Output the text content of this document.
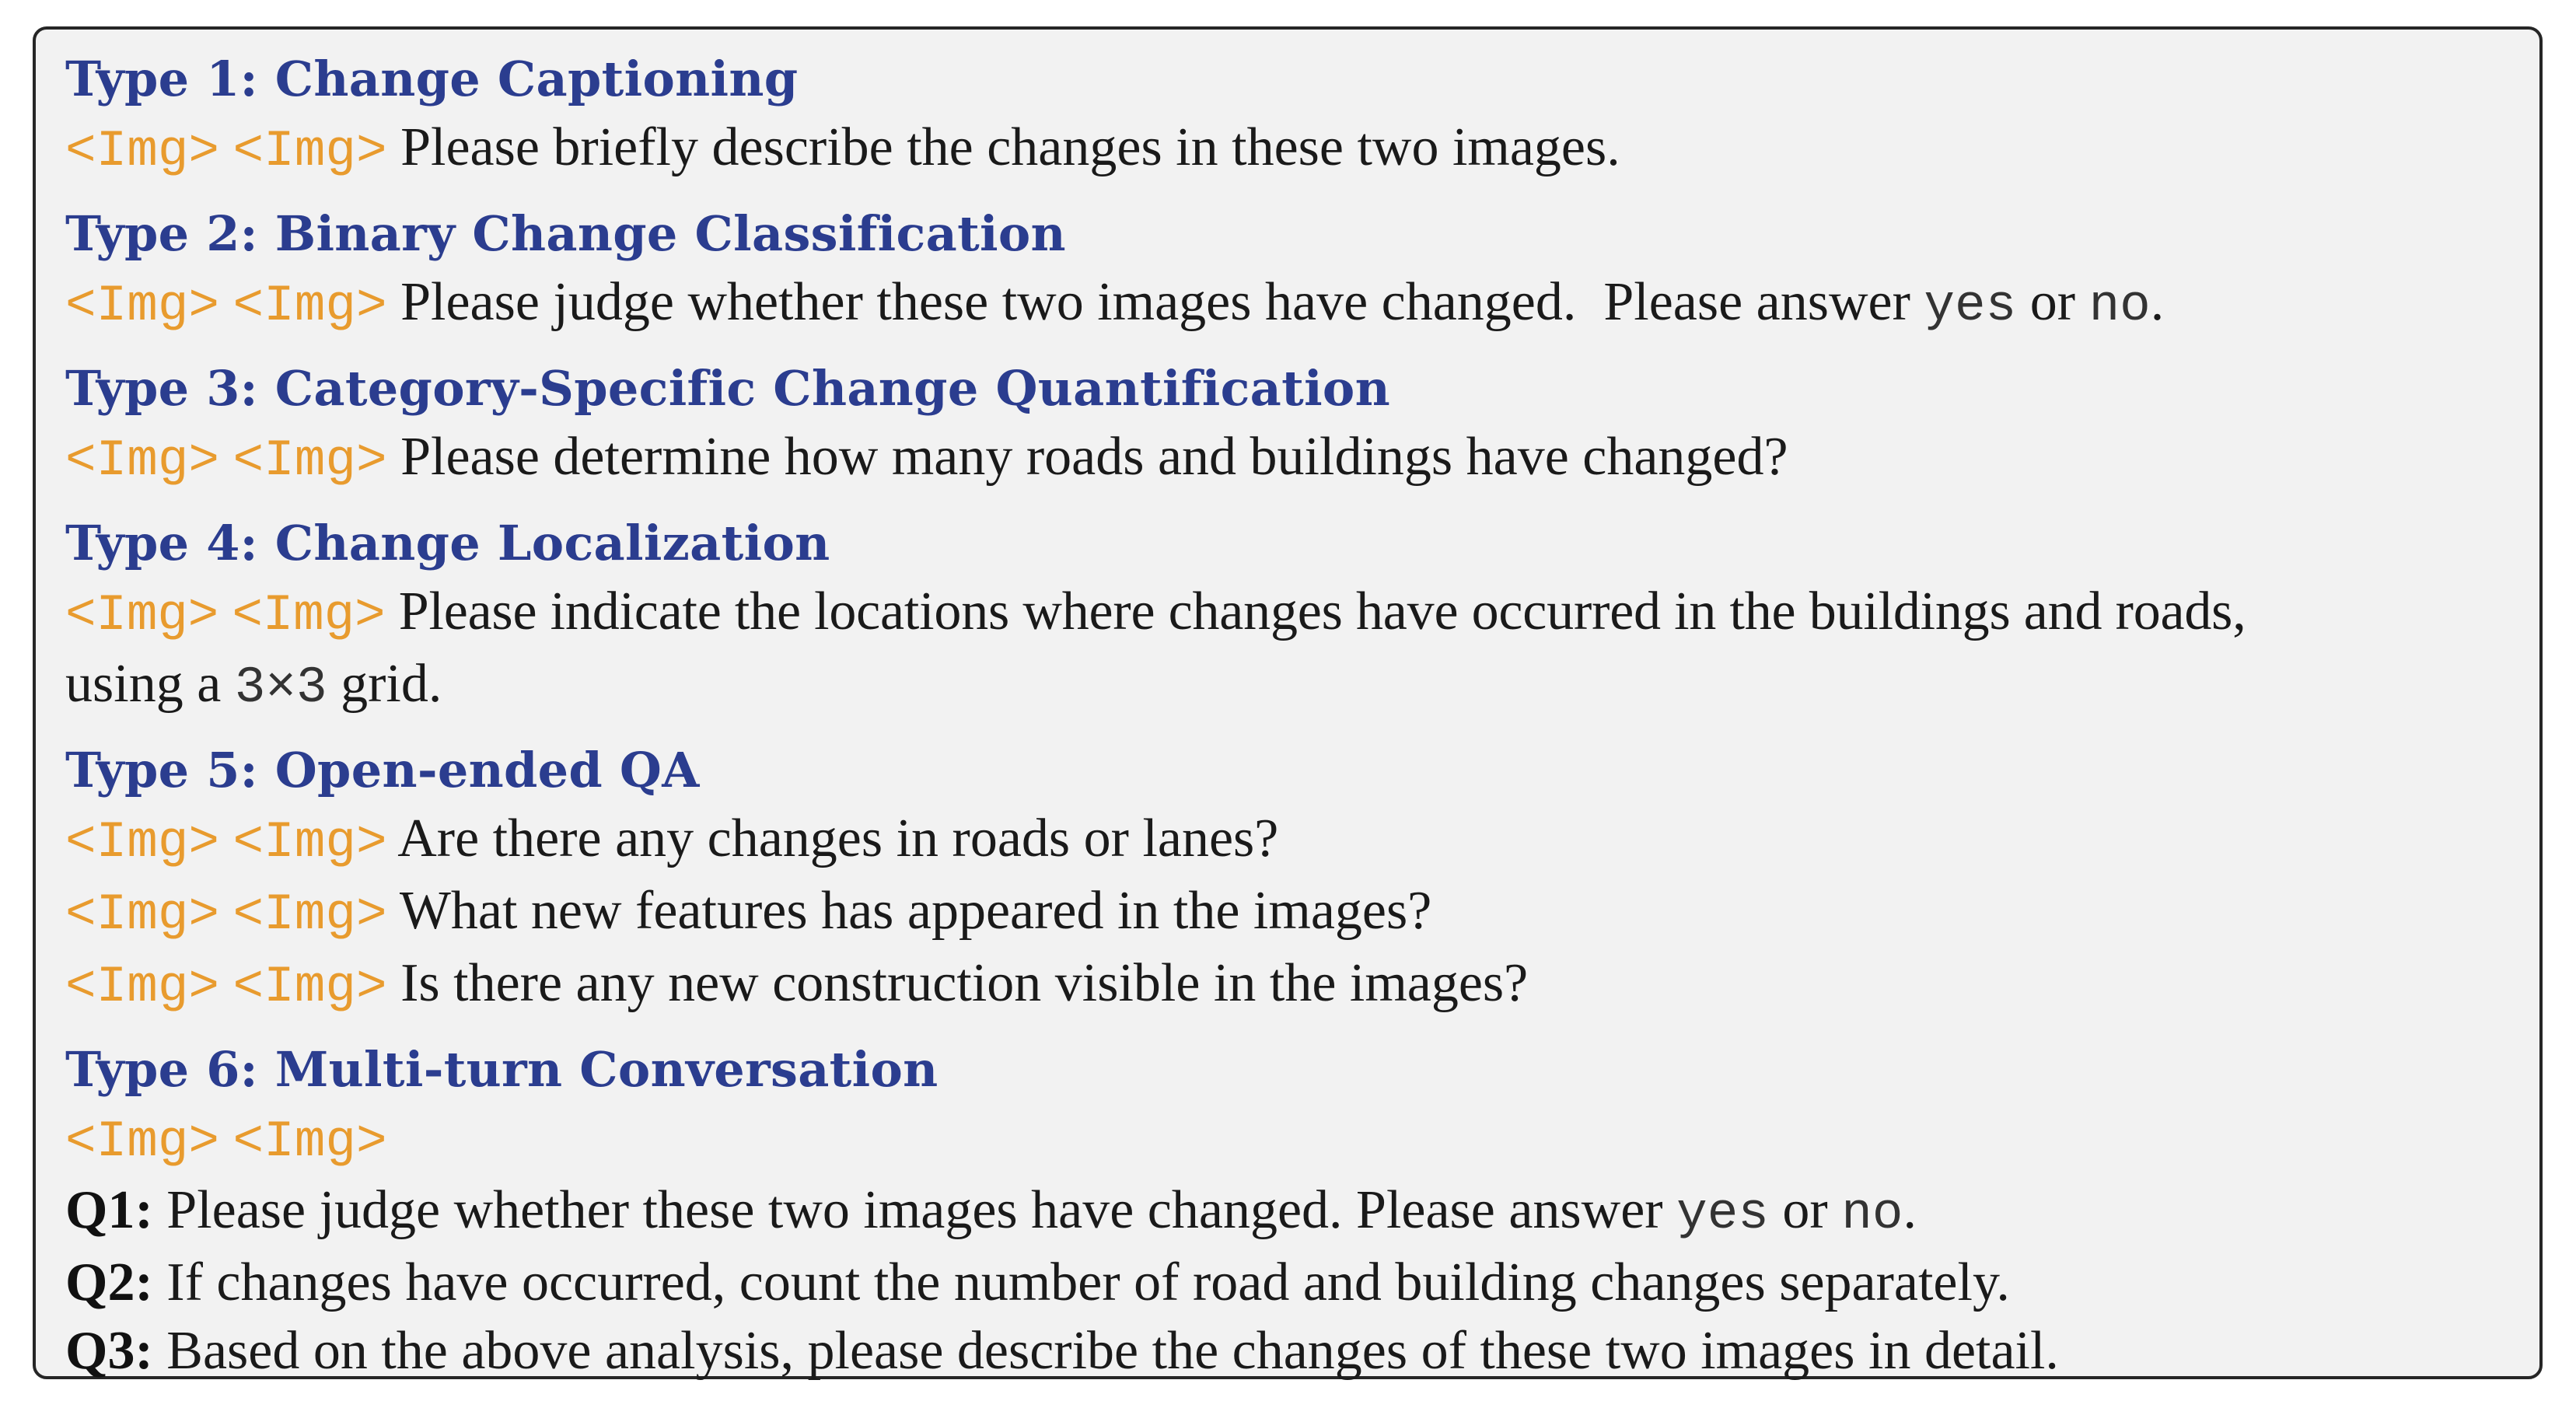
Type 1: Change Captioning
<Img> <Img> Please briefly describe the changes in these two images.
Type 2: Binary Change Classification
<Img> <Img> Please judge whether these two images have changed.  Please answer yes or no.
Type 3: Category-Specific Change Quantification
<Img> <Img> Please determine how many roads and buildings have changed?
Type 4: Change Localization
<Img> <Img> Please indicate the locations where changes have occurred in the buildings and roads,
using a 3×3 grid.
Type 5: Open-ended QA
<Img> <Img> Are there any changes in roads or lanes?
<Img> <Img> What new features has appeared in the images?
<Img> <Img> Is there any new construction visible in the images?
Type 6: Multi-turn Conversation
<Img> <Img>
Q1: Please judge whether these two images have changed. Please answer yes or no.
Q2: If changes have occurred, count the number of road and building changes separately.
Q3: Based on the above analysis, please describe the changes of these two images in detail.
